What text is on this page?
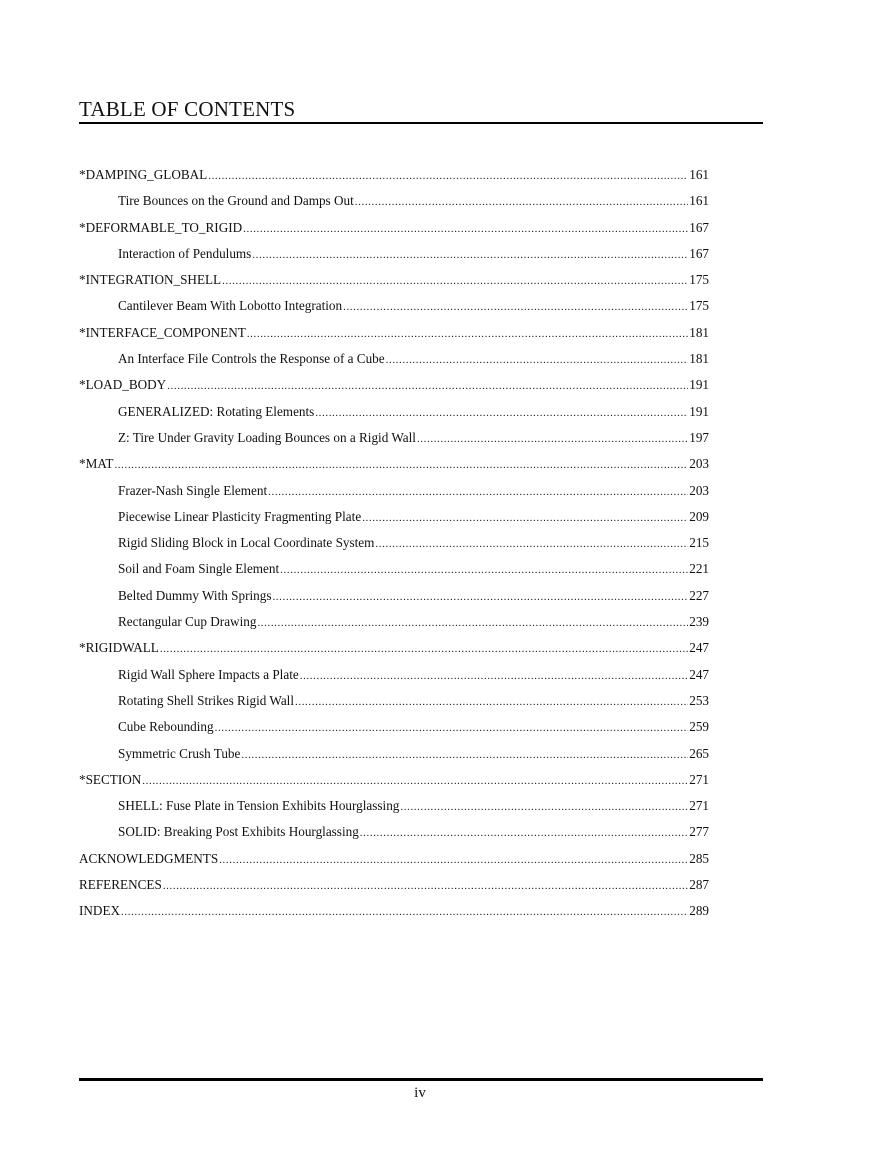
TABLE OF CONTENTS
*DAMPING_GLOBAL .....	161
Tire Bounces on the Ground and Damps Out .....	161
*DEFORMABLE_TO_RIGID .....	167
Interaction of Pendulums .....	167
*INTEGRATION_SHELL .....	175
Cantilever Beam With Lobotto Integration .....	175
*INTERFACE_COMPONENT .....	181
An Interface File Controls the Response of a Cube .....	181
*LOAD_BODY .....	191
GENERALIZED: Rotating Elements .....	191
Z: Tire Under Gravity Loading Bounces on a Rigid Wall .....	197
*MAT .....	203
Frazer-Nash Single Element .....	203
Piecewise Linear Plasticity Fragmenting Plate .....	209
Rigid Sliding Block in Local Coordinate System .....	215
Soil and Foam Single Element .....	221
Belted Dummy With Springs .....	227
Rectangular Cup Drawing .....	239
*RIGIDWALL .....	247
Rigid Wall Sphere Impacts a Plate .....	247
Rotating Shell Strikes Rigid Wall .....	253
Cube Rebounding .....	259
Symmetric Crush Tube .....	265
*SECTION .....	271
SHELL: Fuse Plate in Tension Exhibits Hourglassing .....	271
SOLID: Breaking Post Exhibits Hourglassing .....	277
ACKNOWLEDGMENTS .....	285
REFERENCES .....	287
INDEX .....	289
iv
